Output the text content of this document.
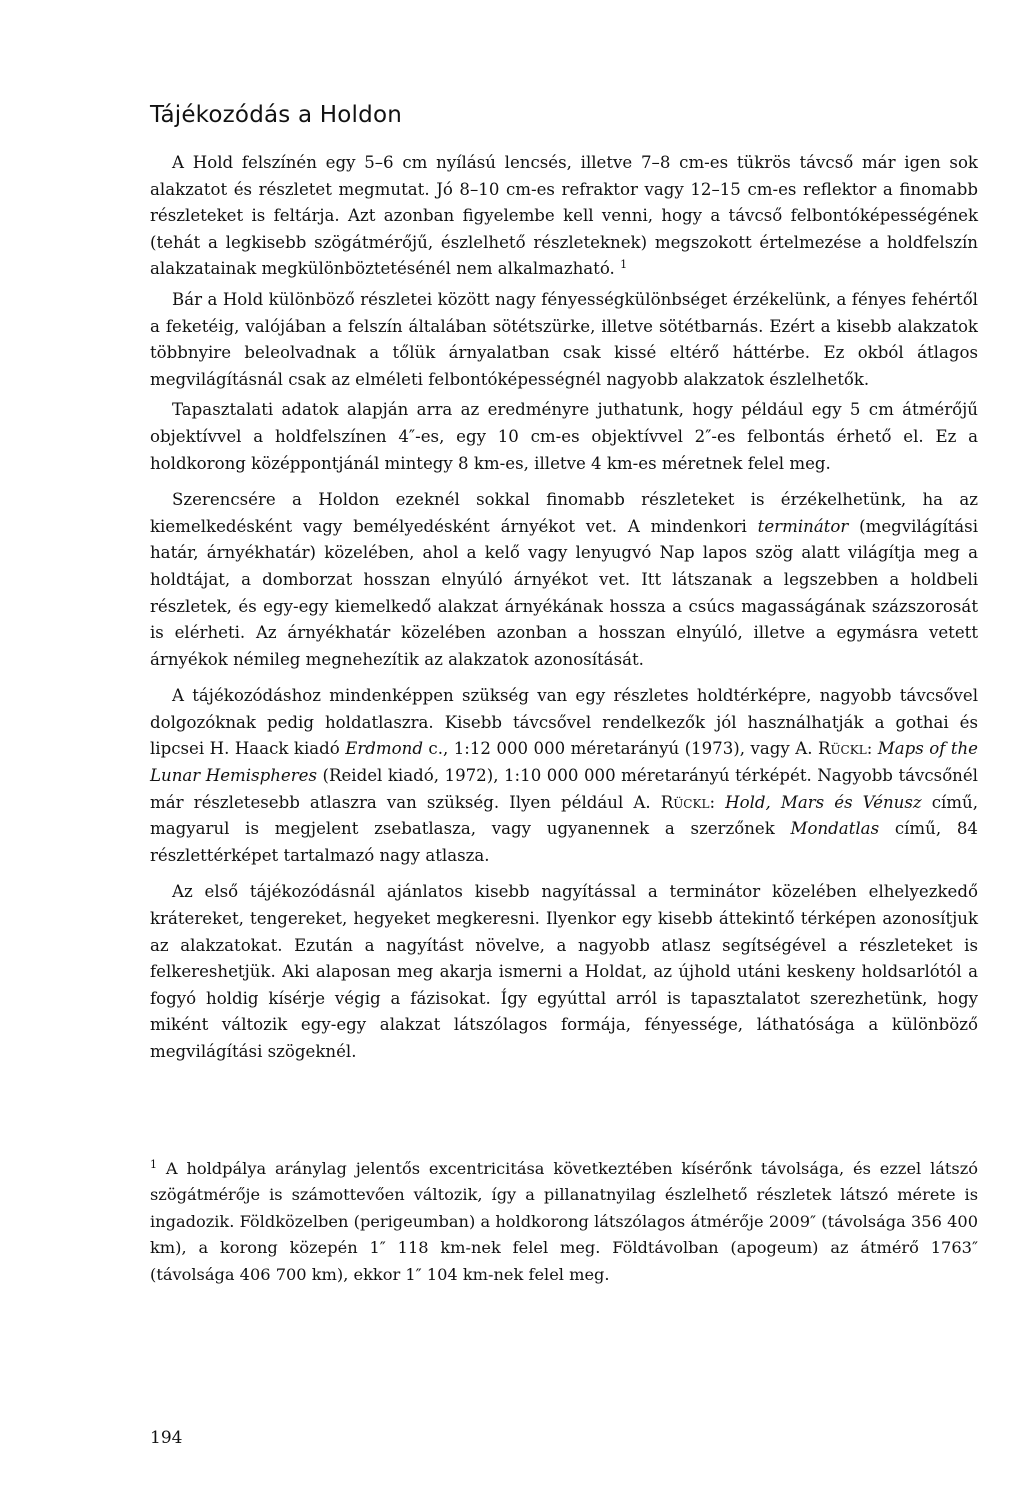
Tájékozódás a Holdon

A Hold felszínén egy 5–6 cm nyílású lencsés, illetve 7–8 cm-es tükrös távcső már igen sok alakzatot és részletet megmutat. Jó 8–10 cm-es refraktor vagy 12–15 cm-es reflektor a finomabb részleteket is feltárja. Azt azonban figyelembe kell venni, hogy a távcső felbontóképességének (tehát a legkisebb szögátmérőjű, észlelhető részleteknek) megszokott értelmezése a holdfelszín alakzatainak megkülönböztetésénél nem alkalmazható. $^1$

Bár a Hold különböző részletei között nagy fényességkülönbséget érzékelünk, a fényes fehértől a feketéig, valójában a felszín általában sötétszürke, illetve sötétbarnás. Ezért a kisebb alakzatok többnyire beleolvadnak a tőlük árnyalatban csak kissé eltérő háttérbe. Ez okból átlagos megvilágításnál csak az elméleti felbontóképességnél nagyobb alakzatok észlelhetők.

Tapasztalati adatok alapján arra az eredményre juthatunk, hogy például egy 5 cm átmérőjű objektívvel a holdfelszínen 4″-es, egy 10 cm-es objektívvel 2″-es felbontás érhető el. Ez a holdkorong középpontjánál mintegy 8 km-es, illetve 4 km-es méretnek felel meg.

Szerencsére a Holdon ezeknél sokkal finomabb részleteket is érzékelhetünk, ha az kiemelkedésként vagy bemélyedésként árnyékot vet. A mindenkori terminátor (megvilágítási határ, árnyékhatár) közelében, ahol a kelő vagy lenyugvó Nap lapos szög alatt világítja meg a holdtájat, a domborzat hosszan elnyúló árnyékot vet. Itt látszanak a legszebben a holdbeli részletek, és egy-egy kiemelkedő alakzat árnyékának hossza a csúcs magasságának százszorosát is elérheti. Az árnyékhatár közelében azonban a hosszan elnyúló, illetve a egymásra vetett árnyékok némileg megnehezítik az alakzatok azonosítását.

A tájékozódáshoz mindenképpen szükség van egy részletes holdtérképre, nagyobb távcsővel dolgozóknak pedig holdatlaszra. Kisebb távcsővel rendelkezők jól használhatják a gothai és lipcsei H. Haack kiadó Erdmond c., 1:12 000 000 méretarányú (1973), vagy A. Rückl: Maps of the Lunar Hemispheres (Reidel kiadó, 1972), 1:10 000 000 méretarányú térképét. Nagyobb távcsőnél már részletesebb atlaszra van szükség. Ilyen például A. Rückl: Hold, Mars és Vénusz című, magyarul is megjelent zsebatlasza, vagy ugyanennek a szerzőnek Mondatlas című, 84 részlettérképet tartalmazó nagy atlasza.

Az első tájékozódásnál ajánlatos kisebb nagyítással a terminátor közelében elhelyezkedő krátereket, tengereket, hegyeket megkeresni. Ilyenkor egy kisebb áttekintő térképen azonosítjuk az alakzatokat. Ezután a nagyítást növelve, a nagyobb atlasz segítségével a részleteket is felkereshetjük. Aki alaposan meg akarja ismerni a Holdat, az újhold utáni keskeny holdsarlótól a fogyó holdig kísérje végig a fázisokat. Így egyúttal arról is tapasztalatot szerezhetünk, hogy miként változik egy-egy alakzat látszólagos formája, fényessége, láthatósága a különböző megvilágítási szögeknél.

$^1$ A holdpálya aránylag jelentős excentricitása következtében kísérőnk távolsága, és ezzel látszó szögátmérője is számottevően változik, így a pillanatnyilag észlelhető részletek látszó mérete is ingadozik. Földközelben (perigeumban) a holdkorong látszólagos átmérője 2009″ (távolsága 356 400 km), a korong közepén 1″ 118 km-nek felel meg. Földtávolban (apogeum) az átmérő 1763″ (távolsága 406 700 km), ekkor 1″ 104 km-nek felel meg.

194
